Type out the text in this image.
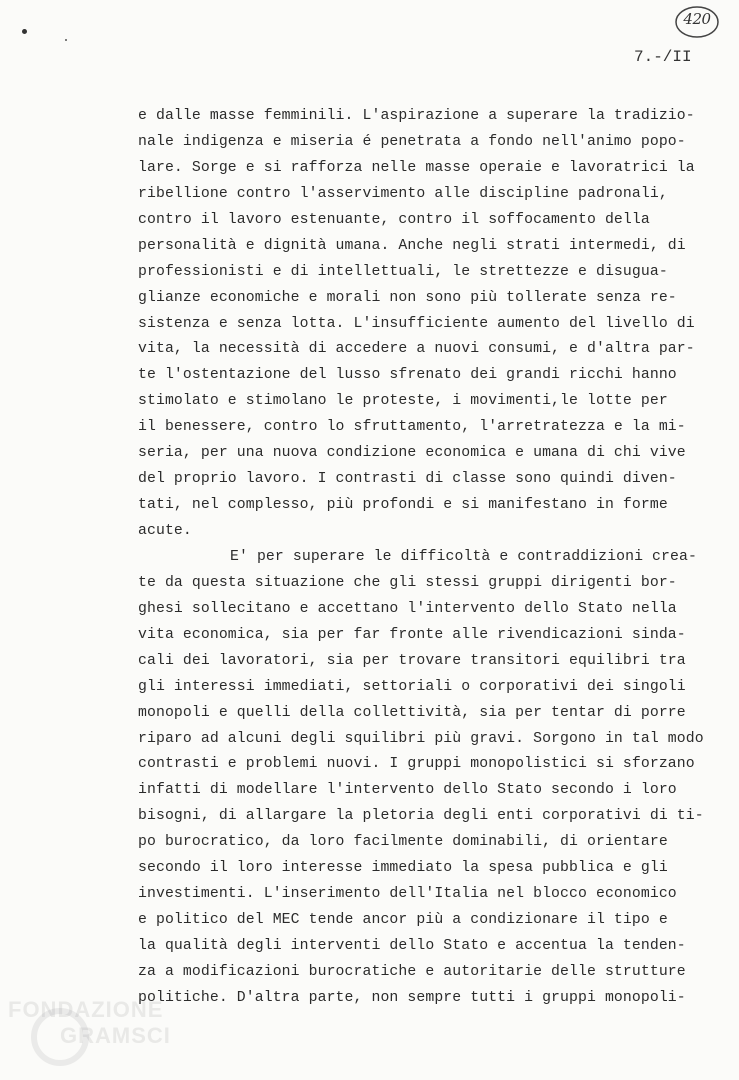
420
7.-/II
e dalle masse femminili. L'aspirazione a superare la tradizio-
nale indigenza e miseria é penetrata a fondo nell'animo popo-
lare. Sorge e si rafforza nelle masse operaie e lavoratrici la
ribellione contro l'asservimento alle discipline padronali,
contro il lavoro estenuante, contro il soffocamento della
personalità e dignità umana. Anche negli strati intermedi, di
professionisti e di intellettuali, le strettezze e disugua-
glianze economiche e morali non sono più tollerate senza re-
sistenza e senza lotta. L'insufficiente aumento del livello di
vita, la necessità di accedere a nuovi consumi, e d'altra par-
te l'ostentazione del lusso sfrenato dei grandi ricchi hanno
stimolato e stimolano le proteste, i movimenti,le lotte per
il benessere, contro lo sfruttamento, l'arretratezza e la mi-
seria, per una nuova condizione economica e umana di chi vive
del proprio lavoro. I contrasti di classe sono quindi diven-
tati, nel complesso, più profondi e si manifestano in forme
acute.
E' per superare le difficoltà e contraddizioni crea-
te da questa situazione che gli stessi gruppi dirigenti bor-
ghesi sollecitano e accettano l'intervento dello Stato nella
vita economica, sia per far fronte alle rivendicazioni sinda-
cali dei lavoratori, sia per trovare transitori equilibri tra
gli interessi immediati, settoriali o corporativi dei singoli
monopoli e quelli della collettività, sia per tentar di porre
riparo ad alcuni degli squilibri più gravi. Sorgono in tal modo
contrasti e problemi nuovi. I gruppi monopolistici si sforzano
infatti di modellare l'intervento dello Stato secondo i loro
bisogni, di allargare la pletoria degli enti corporativi di ti-
po burocratico, da loro facilmente dominabili, di orientare
secondo il loro interesse immediato la spesa pubblica e gli
investimenti. L'inserimento dell'Italia nel blocco economico
e politico del MEC tende ancor più a condizionare il tipo e
la qualità degli interventi dello Stato e accentua la tenden-
za a modificazioni burocratiche e autoritarie delle strutture
politiche. D'altra parte, non sempre tutti i gruppi monopoli-
FONDAZIONE
GRAMSCI
